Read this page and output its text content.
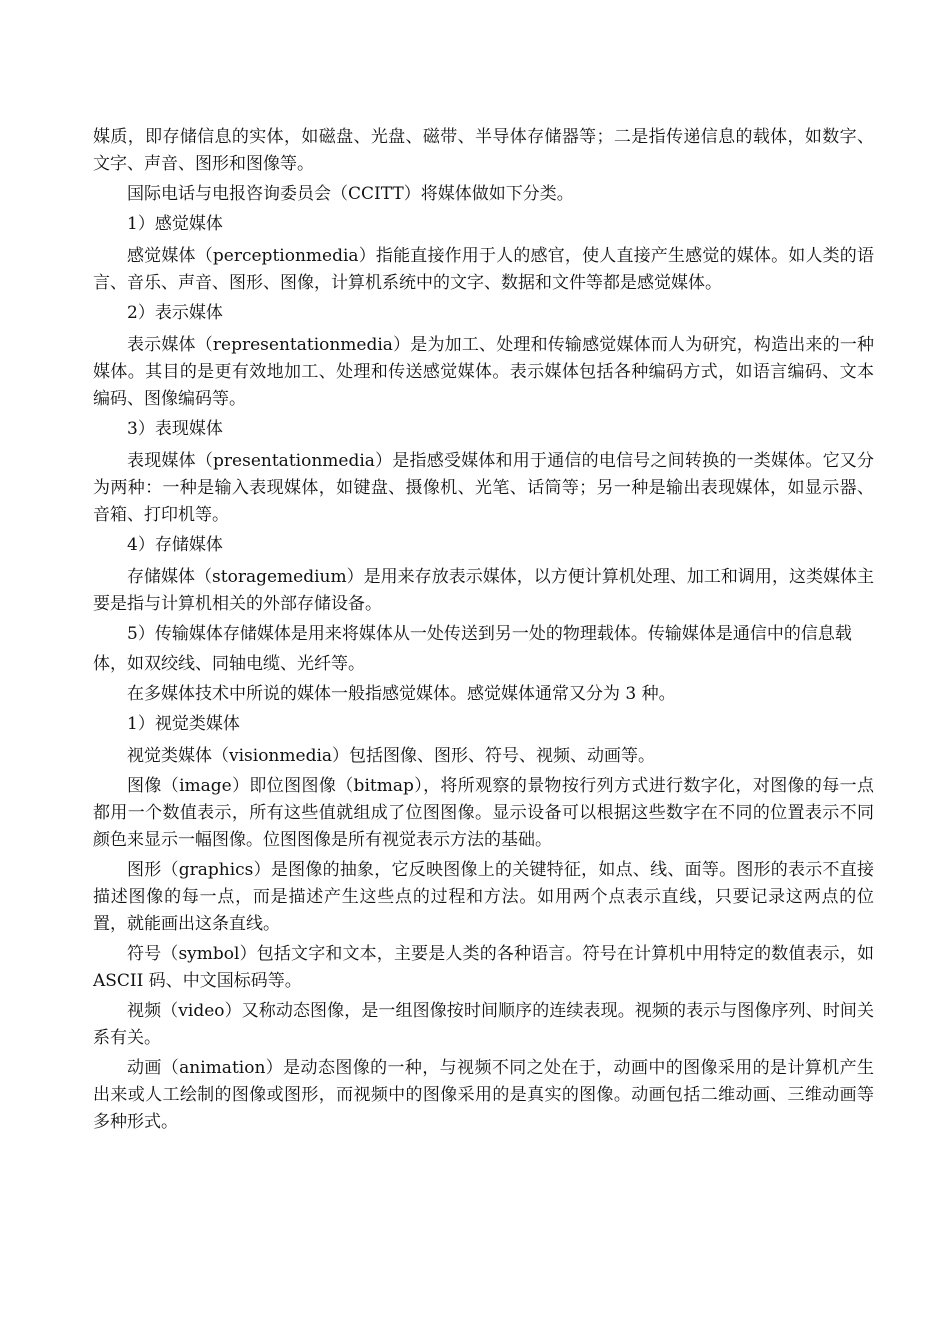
媒质，即存储信息的实体，如磁盘、光盘、磁带、半导体存储器等；二是指传递信息的载体，如数字、文字、声音、图形和图像等。

国际电话与电报咨询委员会（CCITT）将媒体做如下分类。

1）感觉媒体

感觉媒体（perceptionmedia）指能直接作用于人的感官，使人直接产生感觉的媒体。如人类的语言、音乐、声音、图形、图像，计算机系统中的文字、数据和文件等都是感觉媒体。

2）表示媒体

表示媒体（representationmedia）是为加工、处理和传输感觉媒体而人为研究，构造出来的一种媒体。其目的是更有效地加工、处理和传送感觉媒体。表示媒体包括各种编码方式，如语言编码、文本编码、图像编码等。

3）表现媒体

表现媒体（presentationmedia）是指感受媒体和用于通信的电信号之间转换的一类媒体。它又分为两种：一种是输入表现媒体，如键盘、摄像机、光笔、话筒等；另一种是输出表现媒体，如显示器、音箱、打印机等。

4）存储媒体

存储媒体（storagemedium）是用来存放表示媒体，以方便计算机处理、加工和调用，这类媒体主要是指与计算机相关的外部存储设备。

5）传输媒体存储媒体是用来将媒体从一处传送到另一处的物理载体。传输媒体是通信中的信息载

体，如双绞线、同轴电缆、光纤等。

在多媒体技术中所说的媒体一般指感觉媒体。感觉媒体通常又分为 3 种。

1）视觉类媒体

视觉类媒体（visionmedia）包括图像、图形、符号、视频、动画等。

图像（image）即位图图像（bitmap），将所观察的景物按行列方式进行数字化，对图像的每一点都用一个数值表示，所有这些值就组成了位图图像。显示设备可以根据这些数字在不同的位置表示不同颜色来显示一幅图像。位图图像是所有视觉表示方法的基础。

图形（graphics）是图像的抽象，它反映图像上的关键特征，如点、线、面等。图形的表示不直接描述图像的每一点，而是描述产生这些点的过程和方法。如用两个点表示直线，只要记录这两点的位置，就能画出这条直线。

符号（symbol）包括文字和文本，主要是人类的各种语言。符号在计算机中用特定的数值表示，如 ASCII 码、中文国标码等。

视频（video）又称动态图像，是一组图像按时间顺序的连续表现。视频的表示与图像序列、时间关系有关。

动画（animation）是动态图像的一种，与视频不同之处在于，动画中的图像采用的是计算机产生出来或人工绘制的图像或图形，而视频中的图像采用的是真实的图像。动画包括二维动画、三维动画等多种形式。
